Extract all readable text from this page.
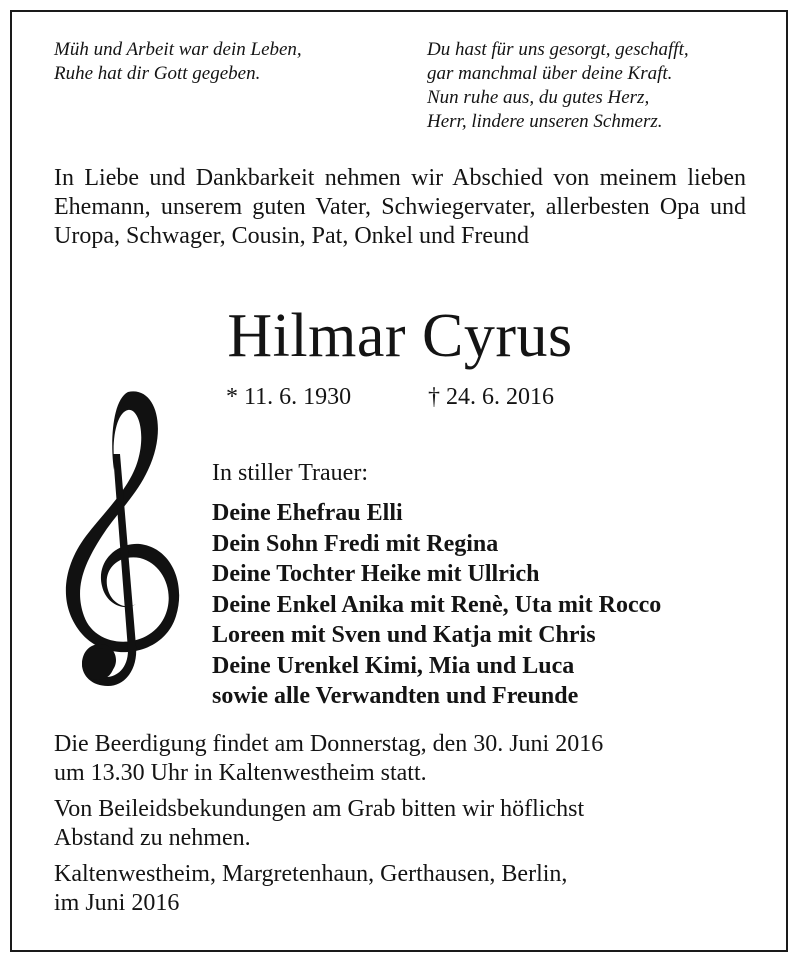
Müh und Arbeit war dein Leben,
Ruhe hat dir Gott gegeben.
Du hast für uns gesorgt, geschafft,
gar manchmal über deine Kraft.
Nun ruhe aus, du gutes Herz,
Herr, lindere unseren Schmerz.
In Liebe und Dankbarkeit nehmen wir Abschied von meinem lieben Ehemann, unserem guten Vater, Schwiegervater, allerbesten Opa und Uropa, Schwager, Cousin, Pat, Onkel und Freund
Hilmar Cyrus
* 11. 6. 1930	† 24. 6. 2016
In stiller Trauer:
Deine Ehefrau Elli
Dein Sohn Fredi mit Regina
Deine Tochter Heike mit Ullrich
Deine Enkel Anika mit Renè, Uta mit Rocco
Loreen mit Sven und Katja mit Chris
Deine Urenkel Kimi, Mia und Luca
sowie alle Verwandten und Freunde

Die Beerdigung findet am Donnerstag, den 30. Juni 2016
um 13.30 Uhr in Kaltenwestheim statt.

Von Beileidsbekundungen am Grab bitten wir höflichst
Abstand zu nehmen.

Kaltenwestheim, Margretenhaun, Gerthausen, Berlin,
im Juni 2016
